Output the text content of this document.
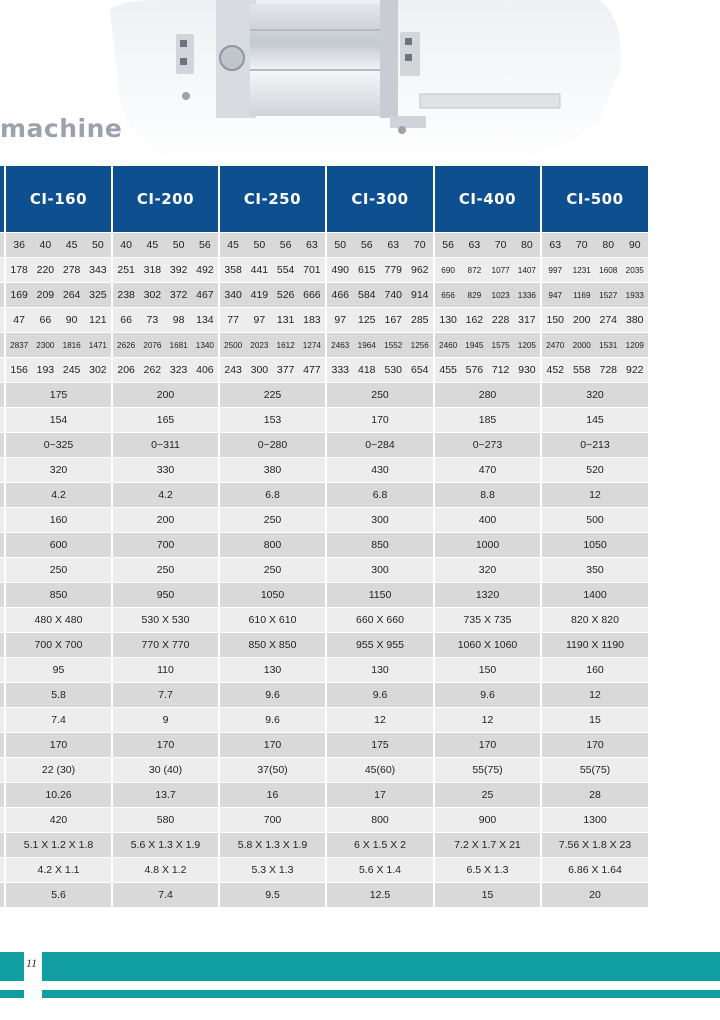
machine
	CI-160	CI-200	CI-250	CI-300	CI-400	CI-500

	36 40 45 50	40 45 50 56	45 50 56 63	50 56 63 70	56 63 70 80	63 70 80 90

	178 220 278 343	251 318 392 492	358 441 554 701	490 615 779 962	690 872 1077 1407	997 1231 1608 2035

	169 209 264 325	238 302 372 467	340 419 526 666	466 584 740 914	656 829 1023 1336	947 1169 1527 1933

	47 66 90 121	66 73 98 134	77 97 131 183	97 125 167 285	130 162 228 317	150 200 274 380

	2837 2300 1816 1471	2626 2076 1681 1340	2500 2023 1612 1274	2463 1964 1552 1256	2460 1945 1575 1205	2470 2000 1531 1209

	156 193 245 302	206 262 323 406	243 300 377 477	333 418 530 654	455 576 712 930	452 558 728 922

	175	200	225	250	280	320
	154	165	153	170	185	145
	0~325	0~311	0~280	0~284	0~273	0~213
	320	330	380	430	470	520
	4.2	4.2	6.8	6.8	8.8	12
	160	200	250	300	400	500
	600	700	800	850	1000	1050
	250	250	250	300	320	350
	850	950	1050	1150	1320	1400
	480 X 480	530 X 530	610 X 610	660 X 660	735 X 735	820 X 820
	700 X 700	770 X 770	850 X 850	955 X 955	1060 X 1060	1190 X 1190
	95	110	130	130	150	160
	5.8	7.7	9.6	9.6	9.6	12
	7.4	9	9.6	12	12	15
	170	170	170	175	170	170
	22 (30)	30 (40)	37(50)	45(60)	55(75)	55(75)
	10.26	13.7	16	17	25	28
	420	580	700	800	900	1300
	5.1 X 1.2 X 1.8	5.6 X 1.3 X 1.9	5.8 X 1.3 X 1.9	6 X 1.5 X 2	7.2 X 1.7 X 21	7.56 X 1.8 X 23
	4.2 X 1.1	4.8 X 1.2	5.3 X 1.3	5.6 X 1.4	6.5 X 1.3	6.86 X 1.64
	5.6	7.4	9.5	12.5	15	20
11
